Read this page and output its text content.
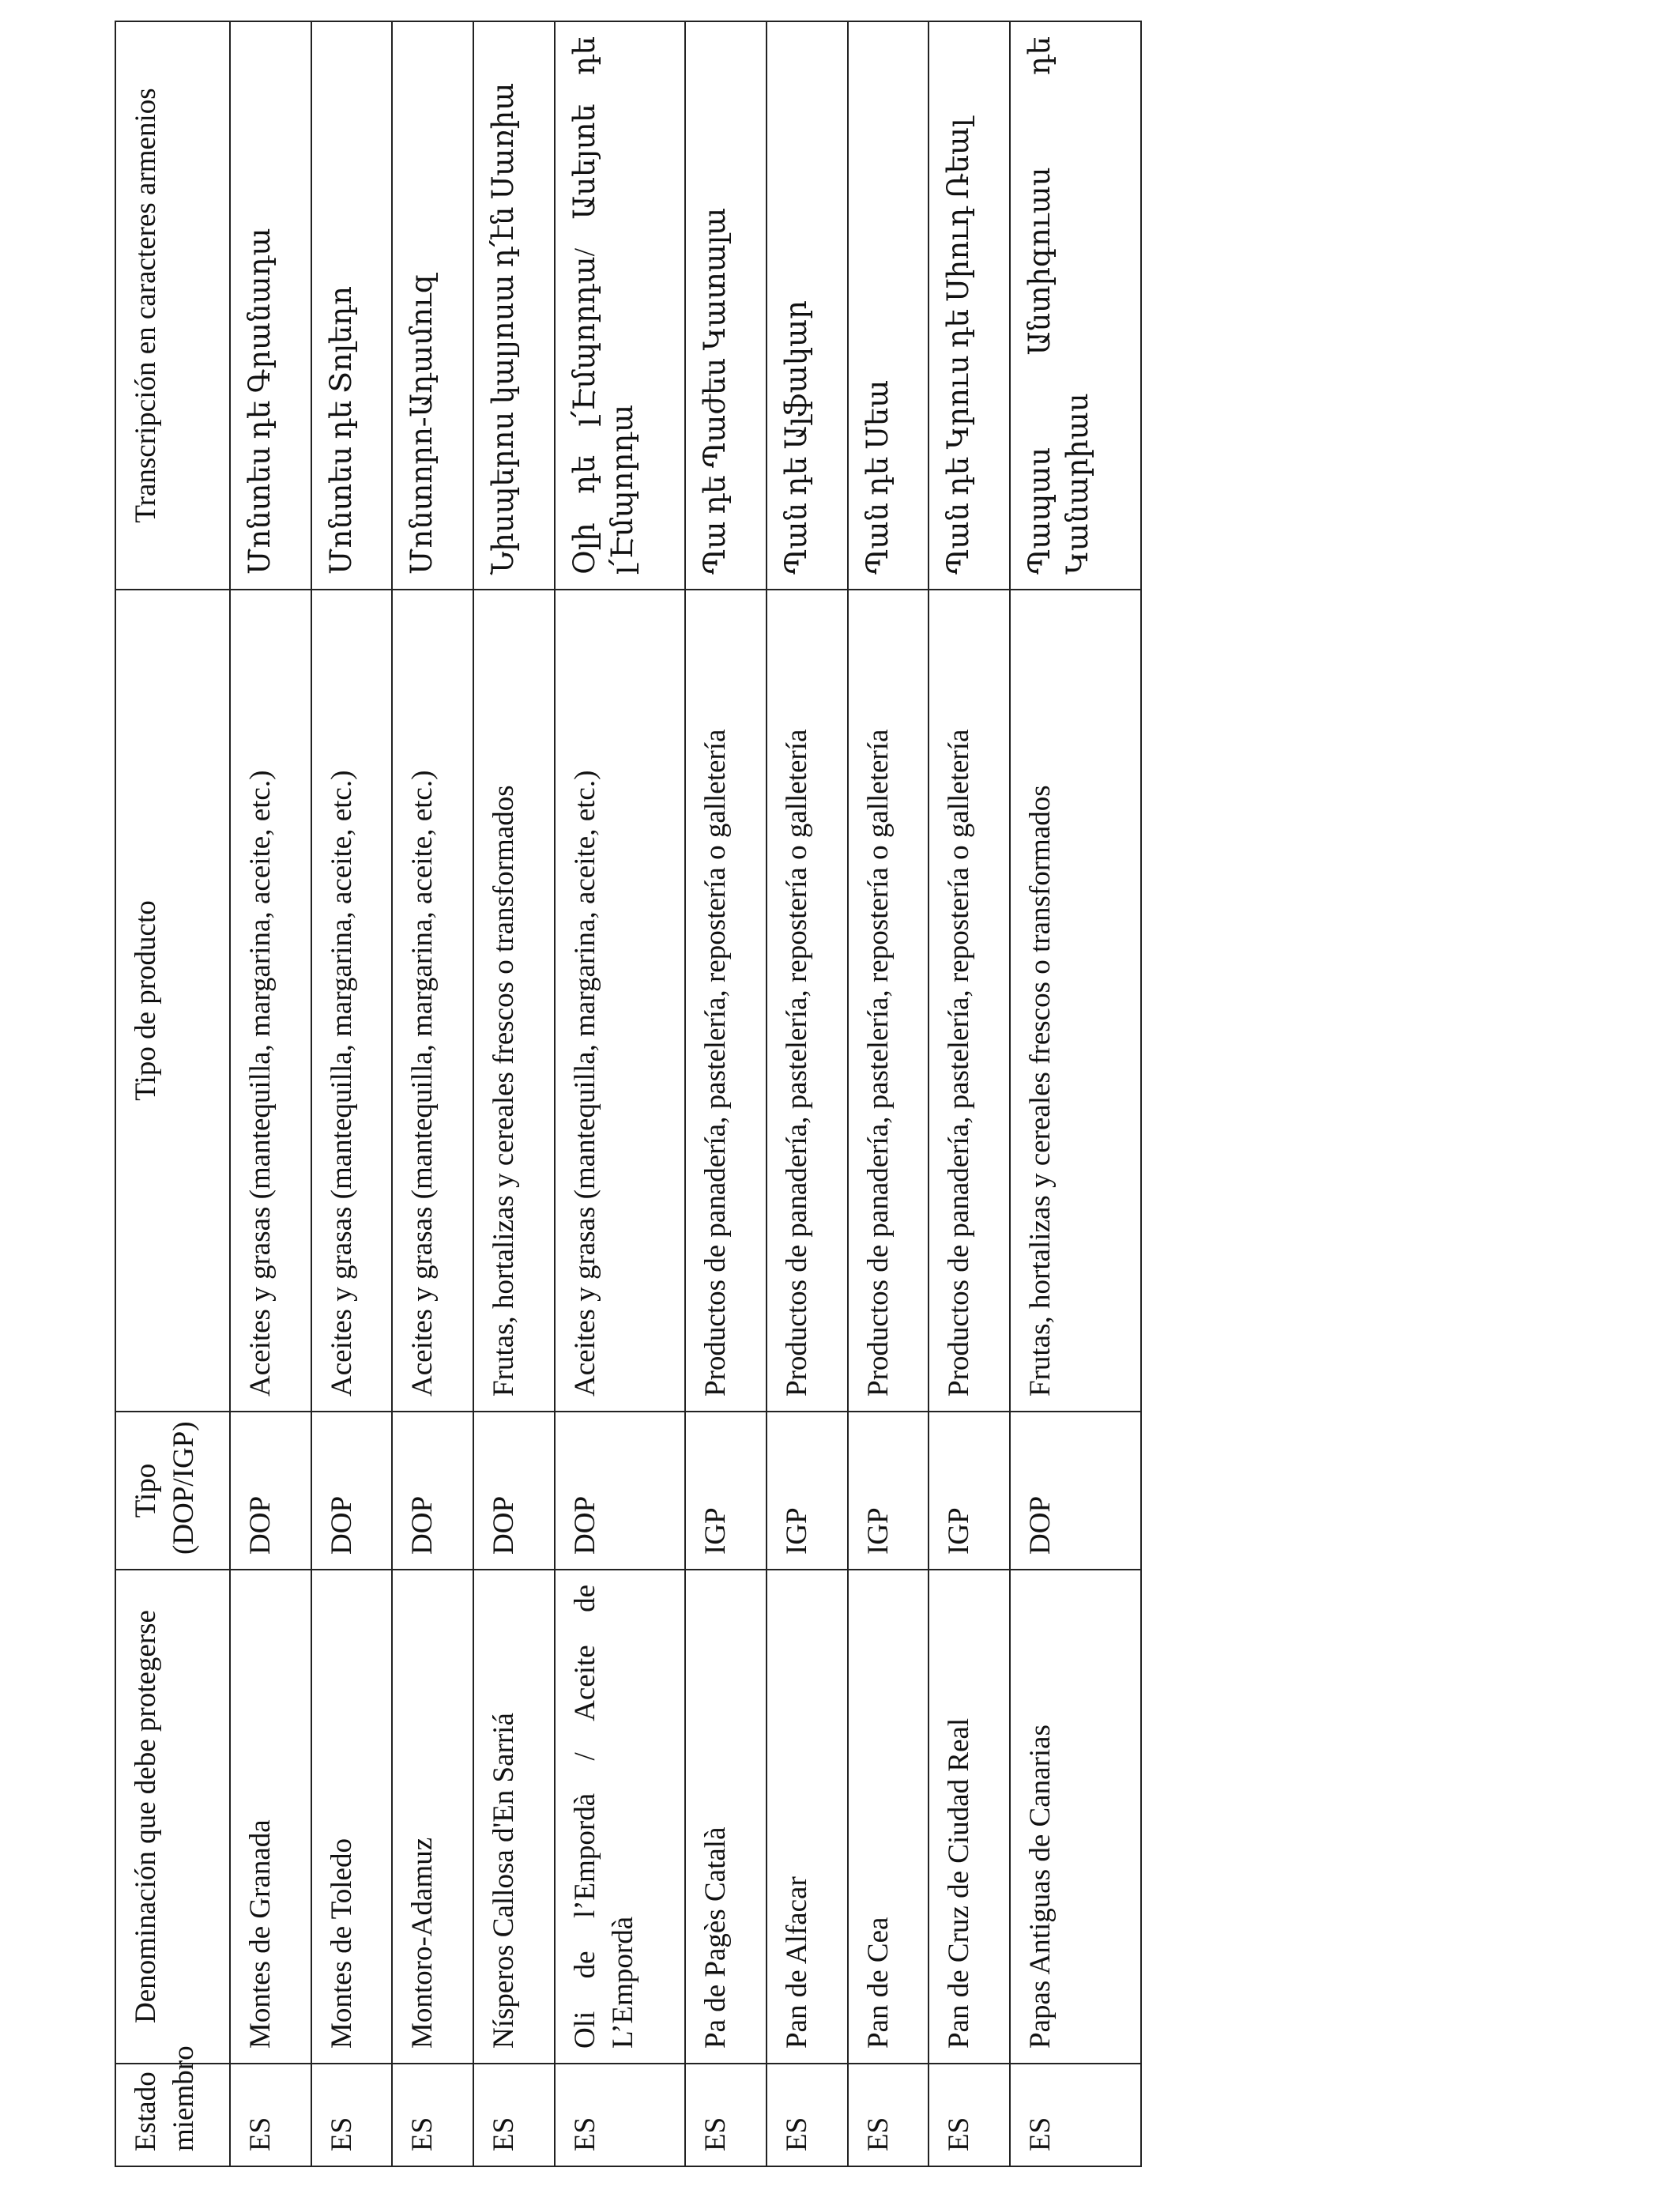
Estado miembro	Denominación que debe protegerse	Tipo (DOP/IGP)	Tipo de producto	Transcripción en caracteres armenios
ES	Montes de Granada	DOP	Aceites y grasas (mantequilla, margarina, aceite, etc.)	Մոնտես դե Գրանադա
ES	Montes de Toledo	DOP	Aceites y grasas (mantequilla, margarina, aceite, etc.)	Մոնտես դե Տոլեդո
ES	Montoro-Adamuz	DOP	Aceites y grasas (mantequilla, margarina, aceite, etc.)	Մոնտորո-Ադամուզ
ES	Nísperos Callosa d'En Sarriá	DOP	Frutas, hortalizas y cereales frescos o transformados	Նիսպերոս կալյոսա դ՛էն Սառիա
ES	Oli de l’Empordà / Aceite de L’Empordà	DOP	Aceites y grasas (mantequilla, margarina, aceite, etc.)	Օլի դե լ՛Էմպորդա/ Ասեյտե դե լ՛Էմպորդա
ES	Pa de Pagès Català	IGP	Productos de panadería, pastelería, repostería o galletería	Պա դե Պաժես Կատալա
ES	Pan de Alfacar	IGP	Productos de panadería, pastelería, repostería o galletería	Պան դե Ալֆակար
ES	Pan de Cea	IGP	Productos de panadería, pastelería, repostería o galletería	Պան դե Սեա
ES	Pan de Cruz de Ciudad Real	IGP	Productos de panadería, pastelería, repostería o galletería	Պան դե Կրուս դե Սիուդ Ռեալ
ES	Papas Antiguas de Canarias	DOP	Frutas, hortalizas y cereales frescos o transformados	Պապաս Անտիգուաս դե Կանարիաս
